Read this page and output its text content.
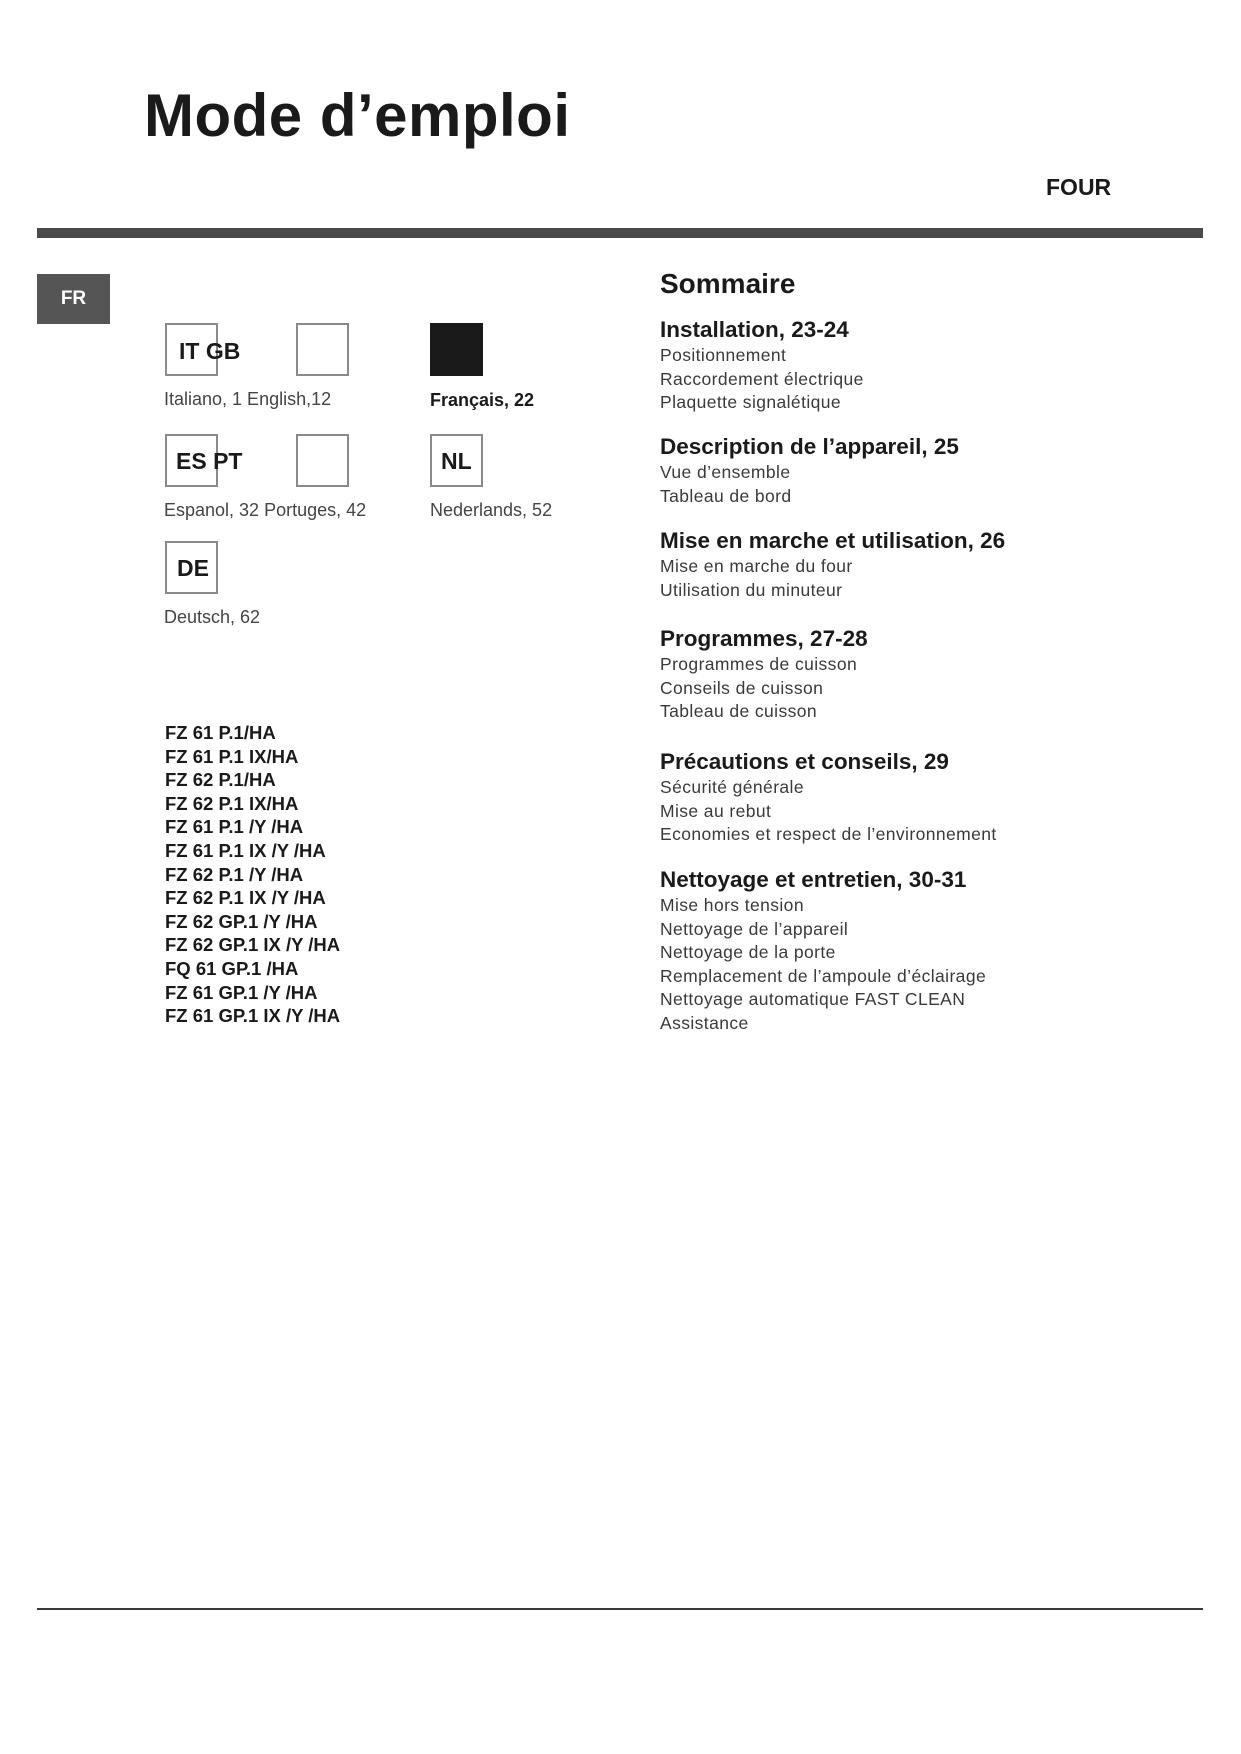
Mode d’emploi
FOUR
FR
IT GB
Italiano, 1 English,12	Français, 22
ES PT	NL
Espanol, 32 Portuges, 42	Nederlands, 52
DE
Deutsch, 62
FZ 61 P.1/HA
FZ 61 P.1 IX/HA
FZ 62 P.1/HA
FZ 62 P.1 IX/HA
FZ 61 P.1 /Y /HA
FZ 61 P.1 IX /Y /HA
FZ 62 P.1 /Y /HA
FZ 62 P.1 IX /Y /HA
FZ 62 GP.1 /Y /HA
FZ 62 GP.1 IX /Y /HA
FQ 61 GP.1 /HA
FZ 61 GP.1 /Y /HA
FZ 61 GP.1 IX /Y /HA
Sommaire
Installation, 23-24
Positionnement
Raccordement électrique
Plaquette signalétique
Description de l’appareil, 25
Vue d’ensemble
Tableau de bord
Mise en marche et utilisation, 26
Mise en marche du four
Utilisation du minuteur
Programmes, 27-28
Programmes de cuisson
Conseils de cuisson
Tableau de cuisson
Précautions et conseils, 29
Sécurité générale
Mise au rebut
Economies et respect de l’environnement
Nettoyage et entretien, 30-31
Mise hors tension
Nettoyage de l’appareil
Nettoyage de la porte
Remplacement de l’ampoule d’éclairage
Nettoyage automatique FAST CLEAN
Assistance
